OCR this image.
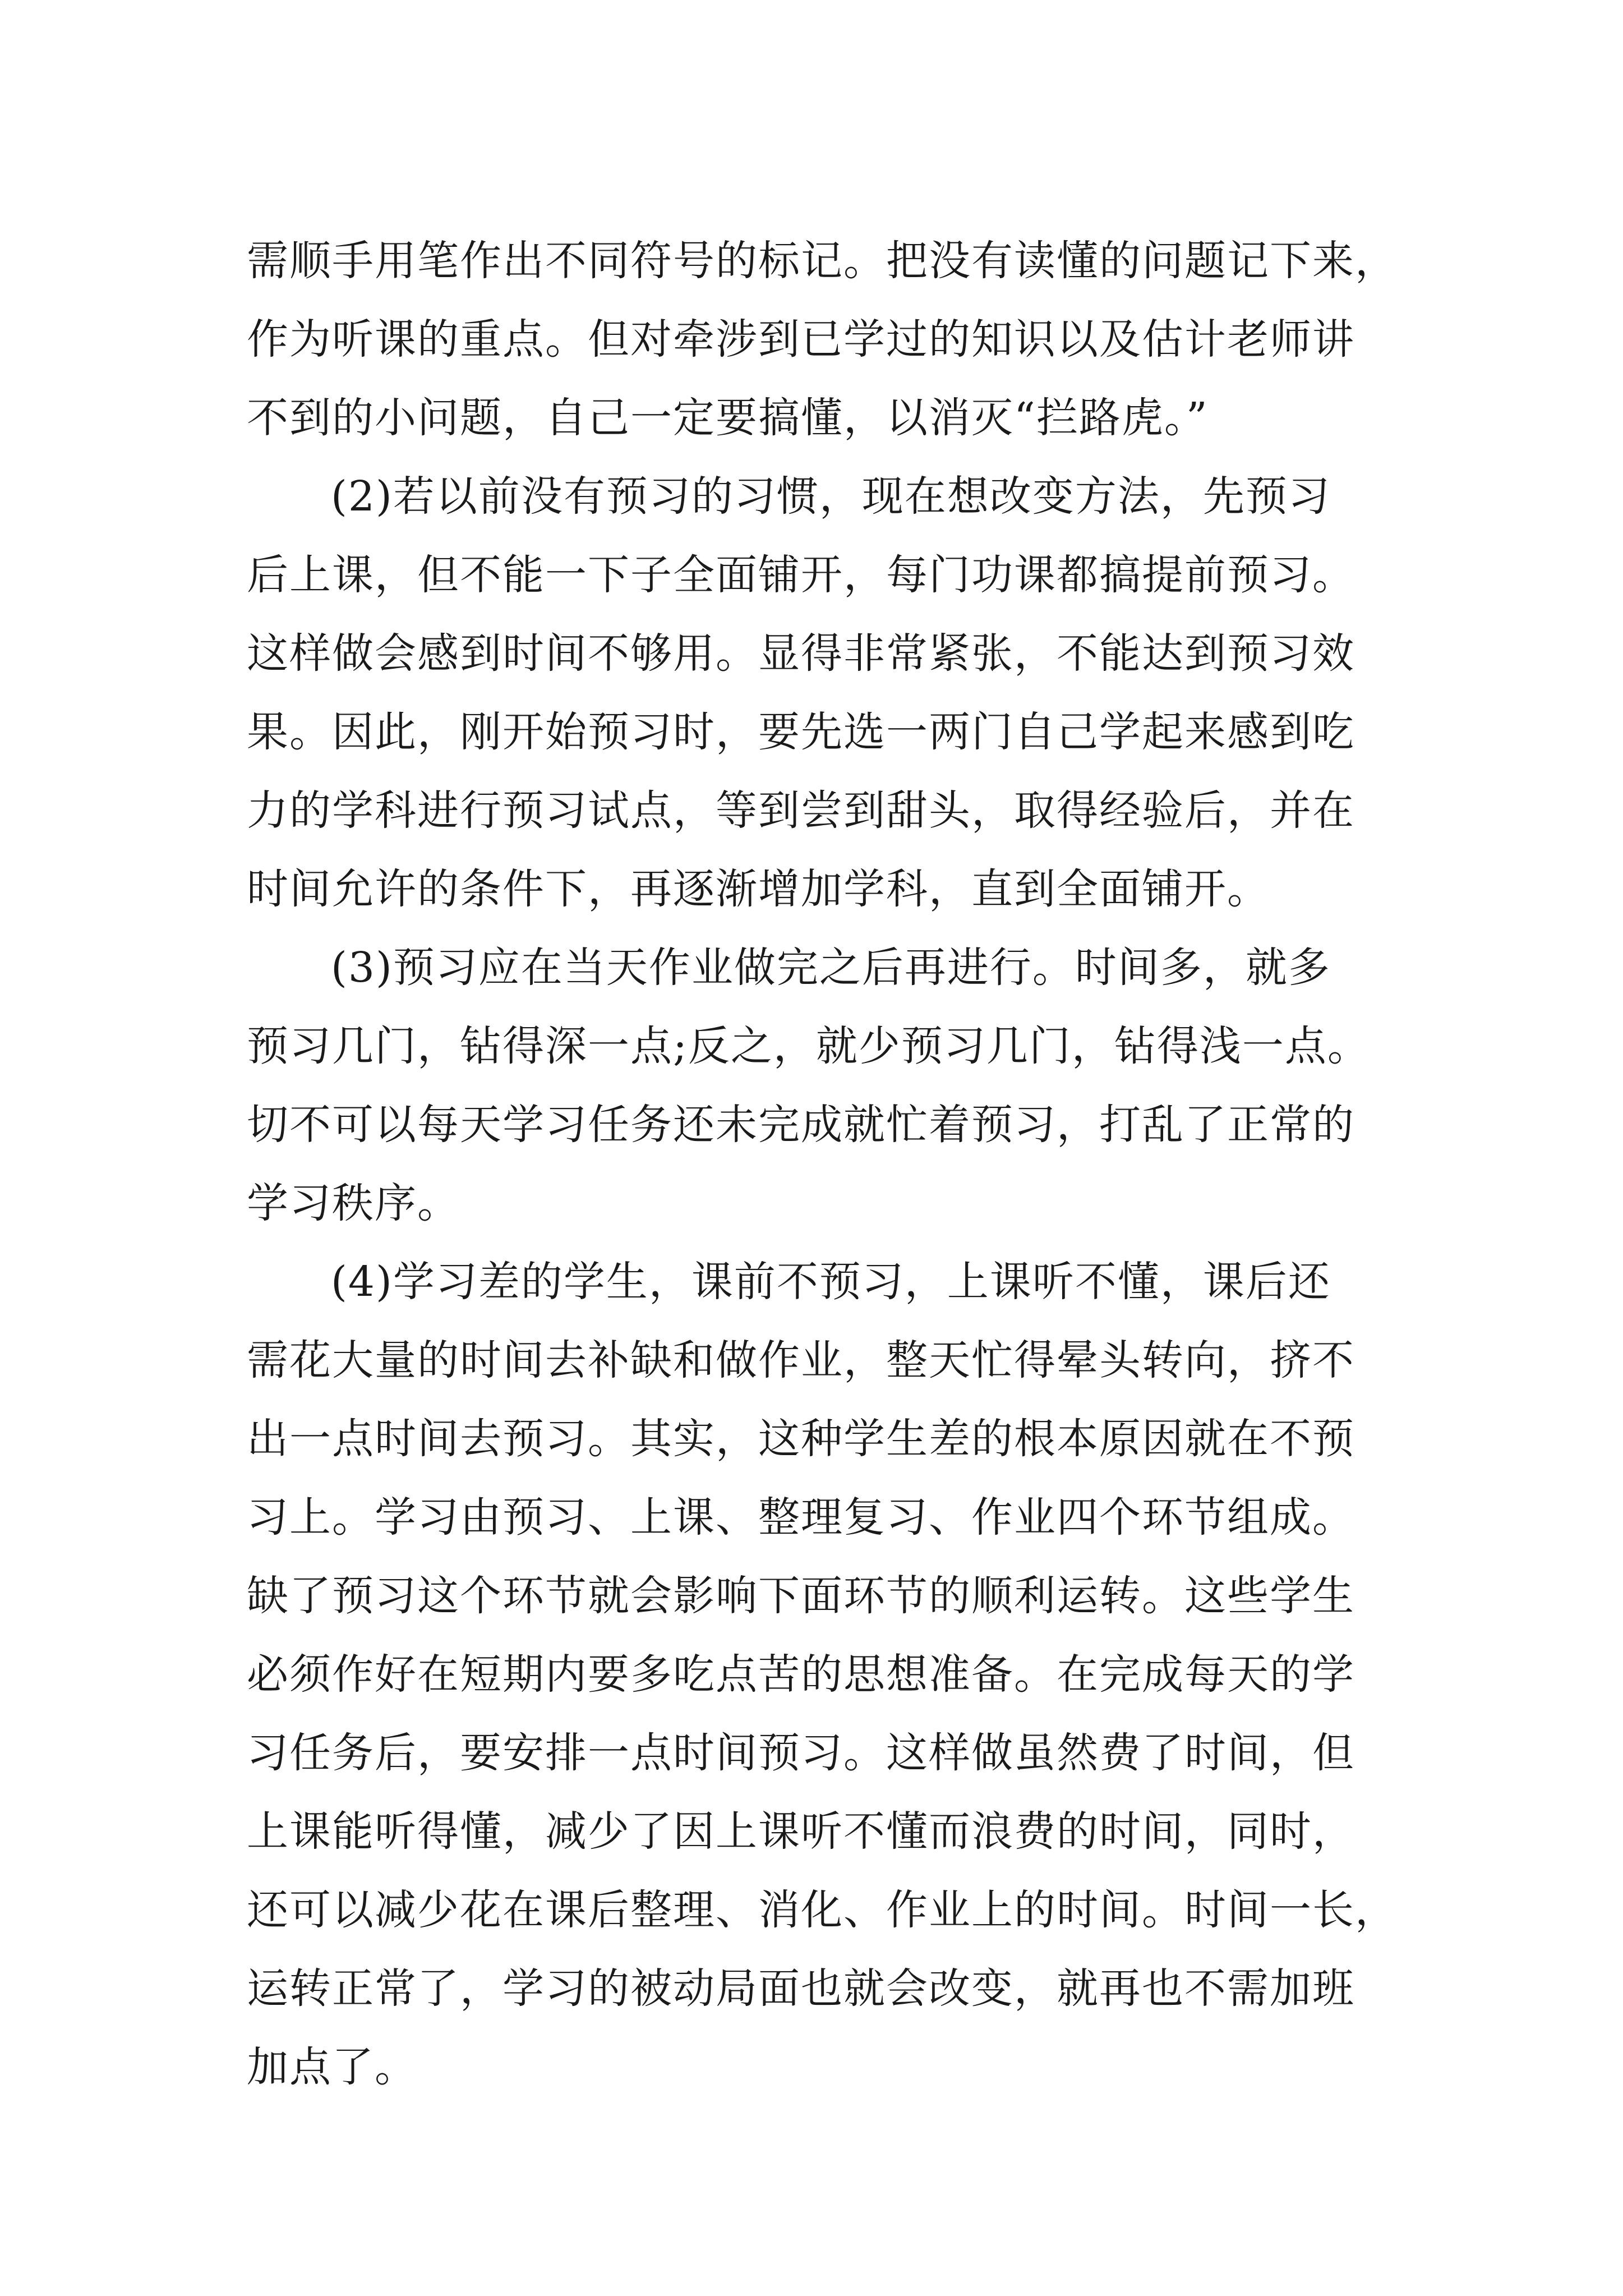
需顺手用笔作出不同符号的标记。把没有读懂的问题记下来，
作为听课的重点。但对牵涉到已学过的知识以及估计老师讲
不到的小问题，自己一定要搞懂，以消灭“拦路虎。”
(2)若以前没有预习的习惯，现在想改变方法，先预习
后上课，但不能一下子全面铺开，每门功课都搞提前预习。
这样做会感到时间不够用。显得非常紧张，不能达到预习效
果。因此，刚开始预习时，要先选一两门自己学起来感到吃
力的学科进行预习试点，等到尝到甜头，取得经验后，并在
时间允许的条件下，再逐渐增加学科，直到全面铺开。
(3)预习应在当天作业做完之后再进行。时间多，就多
预习几门，钻得深一点;反之，就少预习几门，钻得浅一点。
切不可以每天学习任务还未完成就忙着预习，打乱了正常的
学习秩序。
(4)学习差的学生，课前不预习，上课听不懂，课后还
需花大量的时间去补缺和做作业，整天忙得晕头转向，挤不
出一点时间去预习。其实，这种学生差的根本原因就在不预
习上。学习由预习、上课、整理复习、作业四个环节组成。
缺了预习这个环节就会影响下面环节的顺利运转。这些学生
必须作好在短期内要多吃点苦的思想准备。在完成每天的学
习任务后，要安排一点时间预习。这样做虽然费了时间，但
上课能听得懂，减少了因上课听不懂而浪费的时间，同时，
还可以减少花在课后整理、消化、作业上的时间。时间一长，
运转正常了，学习的被动局面也就会改变，就再也不需加班
加点了。
